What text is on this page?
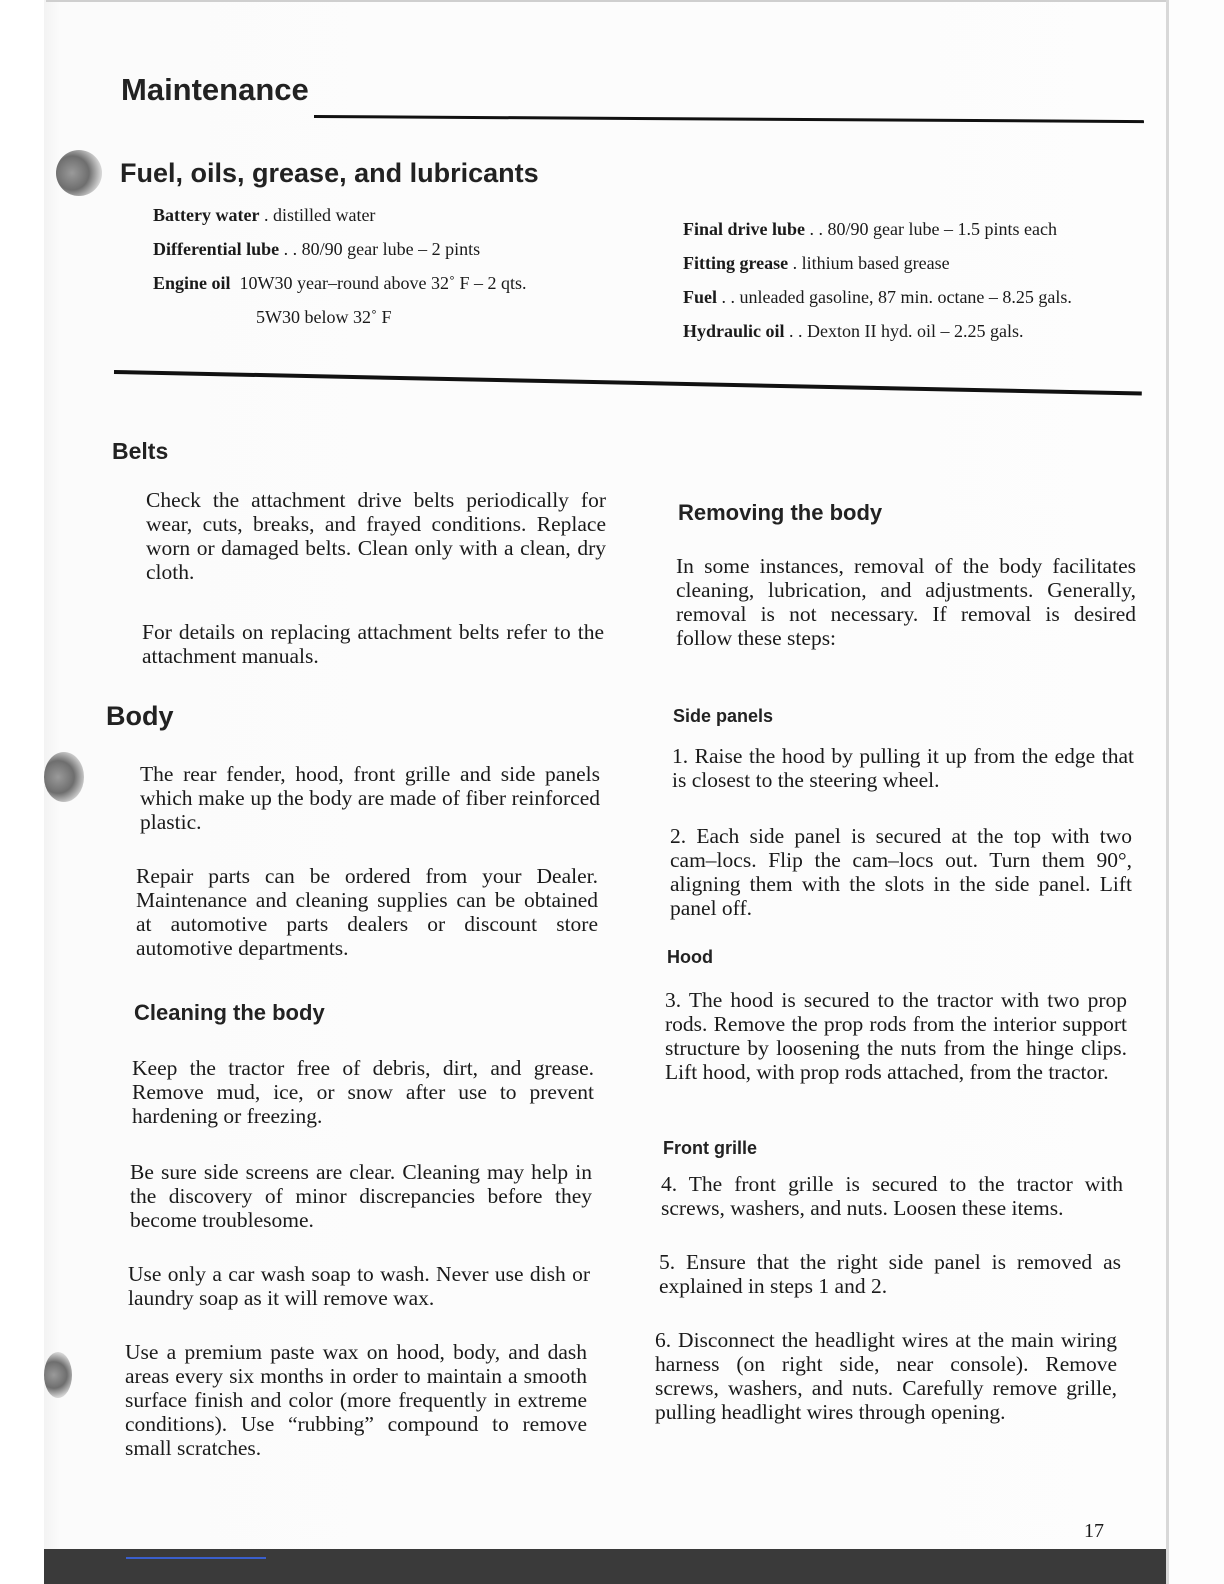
Maintenance
Fuel, oils, grease, and lubricants
Battery water . distilled water
Differential lube . . 80/90 gear lube – 2 pints
Engine oil 10W30 year–round above 32˚ F – 2 qts.
5W30 below 32˚ F
Final drive lube . . 80/90 gear lube – 1.5 pints each
Fitting grease . lithium based grease
Fuel . . unleaded gasoline, 87 min. octane – 8.25 gals.
Hydraulic oil . . Dexton II hyd. oil – 2.25 gals.
Belts
Check the attachment drive belts periodically for wear, cuts, breaks, and frayed conditions. Replace worn or damaged belts. Clean only with a clean, dry cloth.
For details on replacing attachment belts refer to the attachment manuals.
Body
The rear fender, hood, front grille and side panels which make up the body are made of fiber reinforced plastic.
Repair parts can be ordered from your Dealer. Maintenance and cleaning supplies can be obtained at automotive parts dealers or discount store automotive departments.
Cleaning the body
Keep the tractor free of debris, dirt, and grease. Remove mud, ice, or snow after use to prevent hardening or freezing.
Be sure side screens are clear. Cleaning may help in the discovery of minor discrepancies before they become troublesome.
Use only a car wash soap to wash. Never use dish or laundry soap as it will remove wax.
Use a premium paste wax on hood, body, and dash areas every six months in order to maintain a smooth surface finish and color (more frequently in extreme conditions). Use “rubbing” compound to remove small scratches.
Removing the body
In some instances, removal of the body facilitates cleaning, lubrication, and adjustments. Generally, removal is not necessary. If removal is desired follow these steps:
Side panels
1. Raise the hood by pulling it up from the edge that is closest to the steering wheel.
2. Each side panel is secured at the top with two cam–locs. Flip the cam–locs out. Turn them 90°, aligning them with the slots in the side panel. Lift panel off.
Hood
3. The hood is secured to the tractor with two prop rods. Remove the prop rods from the interior support structure by loosening the nuts from the hinge clips. Lift hood, with prop rods attached, from the tractor.
Front grille
4. The front grille is secured to the tractor with screws, washers, and nuts. Loosen these items.
5. Ensure that the right side panel is removed as explained in steps 1 and 2.
6. Disconnect the headlight wires at the main wiring harness (on right side, near console). Remove screws, washers, and nuts. Carefully remove grille, pulling headlight wires through opening.
17
